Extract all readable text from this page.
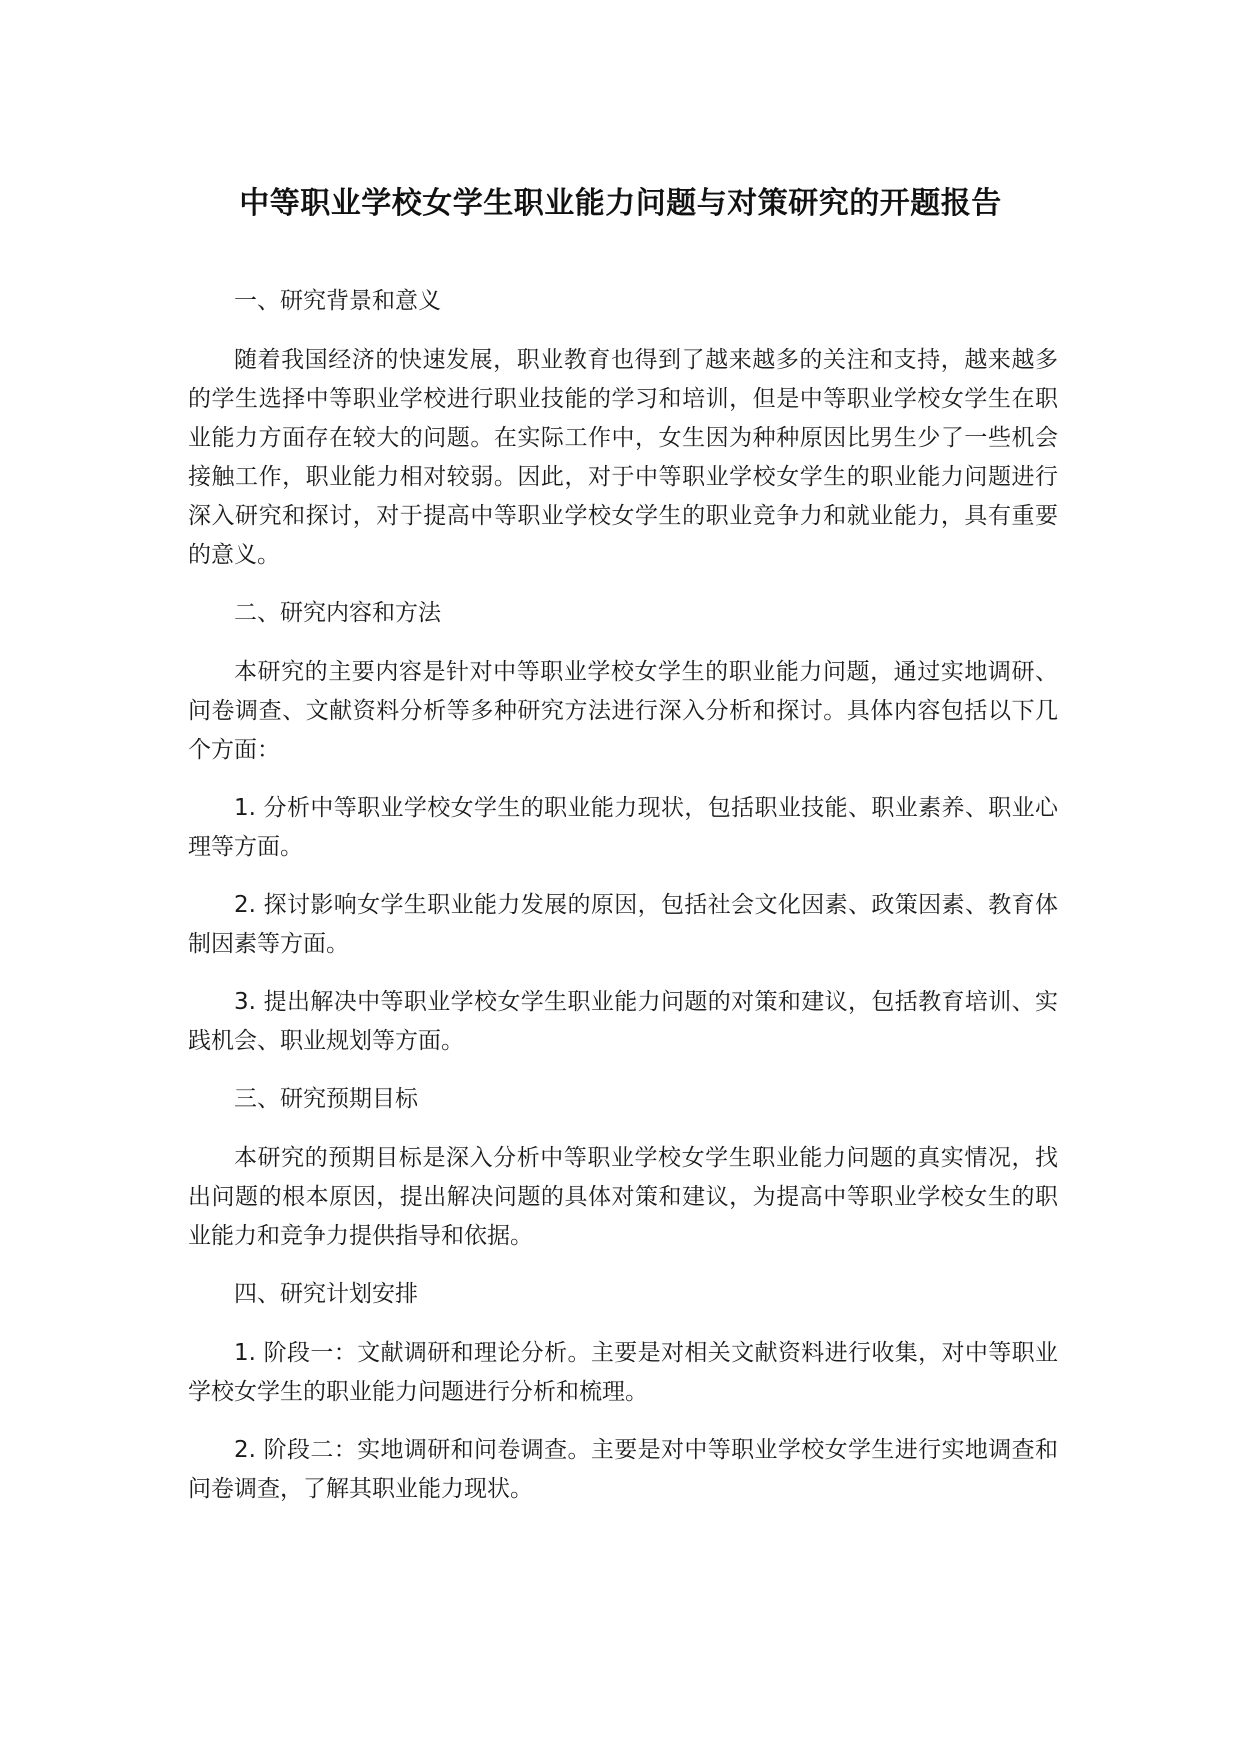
中等职业学校女学生职业能力问题与对策研究的开题报告

一、研究背景和意义

随着我国经济的快速发展，职业教育也得到了越来越多的关注和支持，越来越多的学生选择中等职业学校进行职业技能的学习和培训，但是中等职业学校女学生在职业能力方面存在较大的问题。在实际工作中，女生因为种种原因比男生少了一些机会接触工作，职业能力相对较弱。因此，对于中等职业学校女学生的职业能力问题进行深入研究和探讨，对于提高中等职业学校女学生的职业竞争力和就业能力，具有重要的意义。

二、研究内容和方法

本研究的主要内容是针对中等职业学校女学生的职业能力问题，通过实地调研、问卷调查、文献资料分析等多种研究方法进行深入分析和探讨。具体内容包括以下几个方面：

1. 分析中等职业学校女学生的职业能力现状，包括职业技能、职业素养、职业心理等方面。

2. 探讨影响女学生职业能力发展的原因，包括社会文化因素、政策因素、教育体制因素等方面。

3. 提出解决中等职业学校女学生职业能力问题的对策和建议，包括教育培训、实践机会、职业规划等方面。

三、研究预期目标

本研究的预期目标是深入分析中等职业学校女学生职业能力问题的真实情况，找出问题的根本原因，提出解决问题的具体对策和建议，为提高中等职业学校女生的职业能力和竞争力提供指导和依据。

四、研究计划安排

1. 阶段一：文献调研和理论分析。主要是对相关文献资料进行收集，对中等职业学校女学生的职业能力问题进行分析和梳理。

2. 阶段二：实地调研和问卷调查。主要是对中等职业学校女学生进行实地调查和问卷调查，了解其职业能力现状。
